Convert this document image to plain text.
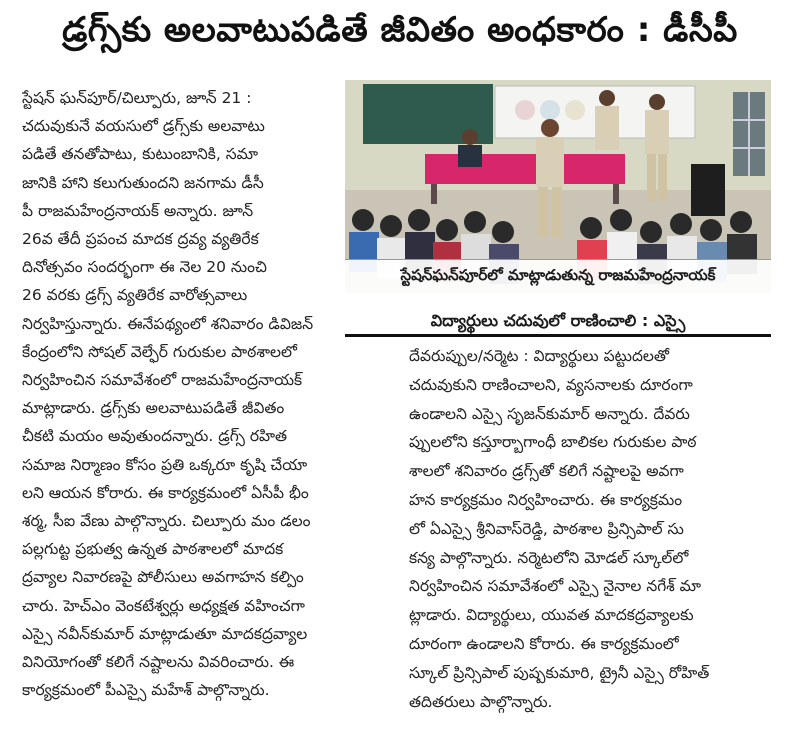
డ్రగ్స్‌కు అలవాటుపడితే జీవితం అంధకారం : డీసీపీ
స్టేషన్ ఘన్‌పూర్/చిల్పూరు, జూన్ 21 :
చదువుకునే వయసులో డ్రగ్స్‌కు అలవాటు
పడితే తనతోపాటు, కుటుంబానికి, సమా
జానికి హాని కలుగుతుందని జనగామ డీసీ
పీ రాజమహేంద్రనాయక్ అన్నారు. జూన్
26వ తేదీ ప్రపంచ మాదక ద్రవ్య వ్యతిరేక
దినోత్సవం సందర్భంగా ఈ నెల 20 నుంచి
26 వరకు డ్రగ్స్ వ్యతిరేక వారోత్సవాలు
నిర్వహిస్తున్నారు. ఈనేపథ్యంలో శనివారం డివిజన్
కేంద్రంలోని సోషల్ వెల్ఫేర్ గురుకుల పాఠశాలలో
నిర్వహించిన సమావేశంలో రాజమహేంద్రనాయక్
మాట్లాడారు. డ్రగ్స్‌కు అలవాటుపడితే జీవితం
చీకటి మయం అవుతుందన్నారు. డ్రగ్స్ రహిత
సమాజ నిర్మాణం కోసం ప్రతి ఒక్కరూ కృషి చేయా
లని ఆయన కోరారు. ఈ కార్యక్రమంలో ఏసీపీ భీం
శర్మ, సీఐ వేణు పాల్గొన్నారు. చిల్పూరు మం డలం
పల్లగుట్ట ప్రభుత్వ ఉన్నత పాఠశాలలో మాదక
ద్రవ్యాల నివారణపై పోలీసులు అవగాహన కల్పిం
చారు. హెచ్‌ఎం వెంకటేశ్వర్లు అధ్యక్షత వహించగా
ఎస్సై నవీన్‌కుమార్ మాట్లాడుతూ మాదకద్రవ్యాల
వినియోగంతో కలిగే నష్టాలను వివరించారు. ఈ
కార్యక్రమంలో పీఎస్సై మహేశ్ పాల్గొన్నారు.
స్టేషన్‌ఘన్‌పూర్‌లో మాట్లాడుతున్న రాజమహేంద్రనాయక్
విద్యార్థులు చదువులో రాణించాలి : ఎస్సై
దేవరుప్పుల/నర్మెట : విద్యార్థులు పట్టుదలతో
చదువుకుని రాణించాలని, వ్యసనాలకు దూరంగా
ఉండాలని ఎస్సై సృజన్‌కుమార్ అన్నారు. దేవరు
ప్పులలోని కస్తూర్బాగాంధీ బాలికల గురుకుల పాఠ
శాలలో శనివారం డ్రగ్స్‌తో కలిగే నష్టాలపై అవగా
హన కార్యక్రమం నిర్వహించారు. ఈ కార్యక్రమం
లో ఏఎస్సై శ్రీనివాస్‌రెడ్డి, పాఠశాల ప్రిన్సిపాల్ సు
కన్య పాల్గొన్నారు. నర్మెటలోని మోడల్ స్కూల్‌లో
నిర్వహించిన సమావేశంలో ఎస్సై నైనాల నగేశ్ మా
ట్లాడారు. విద్యార్థులు, యువత మాదకద్రవ్యాలకు
దూరంగా ఉండాలని కోరారు. ఈ కార్యక్రమంలో
స్కూల్ ప్రిన్సిపాల్ పుష్పకుమారి, ట్రైనీ ఎస్సై రోహిత్
తదితరులు పాల్గొన్నారు.
